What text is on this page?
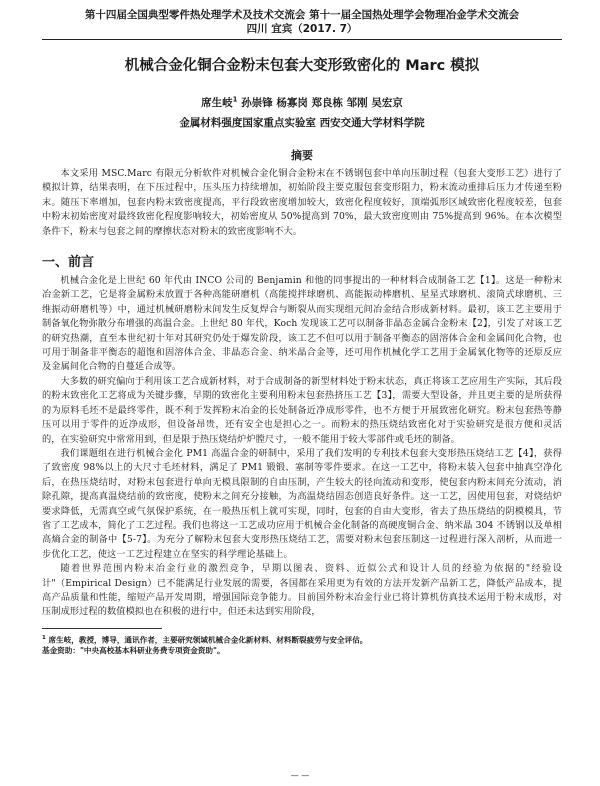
第十四届全国典型零件热处理学术及技术交流会 第十一届全国热处理学会物理冶金学术交流会
四川 宜宾（2017. 7）
机械合金化铜合金粉末包套大变形致密化的 Marc 模拟
席生岐$^1$ 孙崇锋 杨寡岗 郑良栋 邹刚 吴宏京
金属材料强度国家重点实验室 西安交通大学材料学院
摘要
本文采用 MSC.Marc 有限元分析软件对机械合金化铜合金粉末在不锈钢包套中单向压制过程（包套大变形工艺）进行了模拟计算，结果表明，在下压过程中，压头压力持续增加，初始阶段主要克服包套变形阻力，粉末流动重排后压力才传递至粉末。随压下率增加，包套内粉末致密度提高，平行段致密度增加较大，致密化程度较好，顶端弧形区域致密化程度较差，包套中粉末初始密度对最终致密化程度影响较大，初始密度从 50%提高到 70%，最大致密度则由 75%提高到 96%。在本次模型条件下，粉末与包套之间的摩擦状态对粉末的致密度影响不大。
一、前言

机械合金化是上世纪 60 年代由 INCO 公司的 Benjamin 和他的同事提出的一种材料合成制备工艺【1】。这是一种粉末冶金新工艺，它是将金属粉末放置于各种高能研磨机（高能搅拌球磨机、高能振动棒磨机、星星式球磨机、滚筒式球磨机、三维振动研磨机等）中，通过机械研磨粉末间发生反复焊合与断裂从而实现组元间冶金结合形成新材料。最初，该工艺主要用于制备氧化物弥散分布增强的高温合金。上世纪 80 年代，Koch 发现该工艺可以制备非晶态金属合金粉末【2】，引发了对该工艺的研究热潮，直至本世纪初十年对其研究仍处于爆发阶段，该工艺不但可以用于制备平衡态的固溶体合金和金属间化合物，也可用于制备非平衡态的超饱和固溶体合金、非晶态合金、纳米晶合金等，还可用作机械化学工艺用于金属氧化物等的还原反应及金属间化合物的自蔓延合成等。

大多数的研究偏向于利用该工艺合成新材料，对于合成制备的新型材料处于粉末状态，真正将该工艺应用生产实际，其后段的粉末致密化工艺将成为关键步骤，早期的致密化主要利用粉末包套热挤压工艺【3】，需要大型设备，并且更主要的是所获得的为原料毛坯不是最终零件，既不利于发挥粉末冶金的长处制备近净成形零件，也不方便于开展致密化研究。粉末包套热等静压可以用于零件的近净成形，但设备昂贵，还有安全也是担心之一。而粉末的热压烧结致密化对于实验研究是很方便和灵活的，在实验研究中常常用到，但是限于热压烧结炉炉膛尺寸，一般不能用于较大零部件或毛坯的制备。

我们课题组在进行机械合金化 PM1 高温合金的研制中，采用了我们发明的专利技术包套大变形热压烧结工艺【4】，获得了致密度 98%以上的大尺寸毛坯材料，满足了 PM1 锻锻、塞制等零件要求。在这一工艺中，将粉末装入包套中抽真空净化后，在热压烧结时，对粉末包套进行单向无模具限制的自由压制，产生较大的径向流动和变形，使包套内粉末间充分流动，消除孔隙，提高真温烧结前的致密度，使粉末之间充分接触，为高温烧结固态创造良好条件。这一工艺，因使用包套，对烧结炉要求降低，无需真空或气氛保护系统，在一般热压机上就可实现，同时，包套的自由大变形，省去了热压烧结的阴模模具，节省了工艺成本，简化了工艺过程。我们也将这一工艺成功应用于机械合金化制备的高硬度铜合金、纳米晶 304 不锈钢以及单相高熵合金的制备中【5-7】。为充分了解粉末包套大变形热压烧结工艺，需要对粉末包套压制这一过程进行深入剖析，从而进一步优化工艺，使这一工艺过程建立在坚实的科学理论基础上。

随着世界范围内粉末冶金行业的激烈竞争，早期以图表、资料、近似公式和设计人员的经验为依据的"经验设计"（Empirical Design）已不能满足行业发展的需要，各国都在采用更为有效的方法开发新产品新工艺，降低产品成本，提高产品质量和性能，缩短产品开发周期，增强国际竞争能力。目前国外粉末冶金行业已将计算机仿真技术运用于粉末成形，对压制成形过程的数值模拟也在积极的进行中，但还未达到实用阶段，

$^1$ 席生岐，教授，博导，通讯作者，主要研究领域机械合金化新材料、材料断裂疲劳与安全评估。
基金资助："中央高校基本科研业务费专项资金资助"。
— —
